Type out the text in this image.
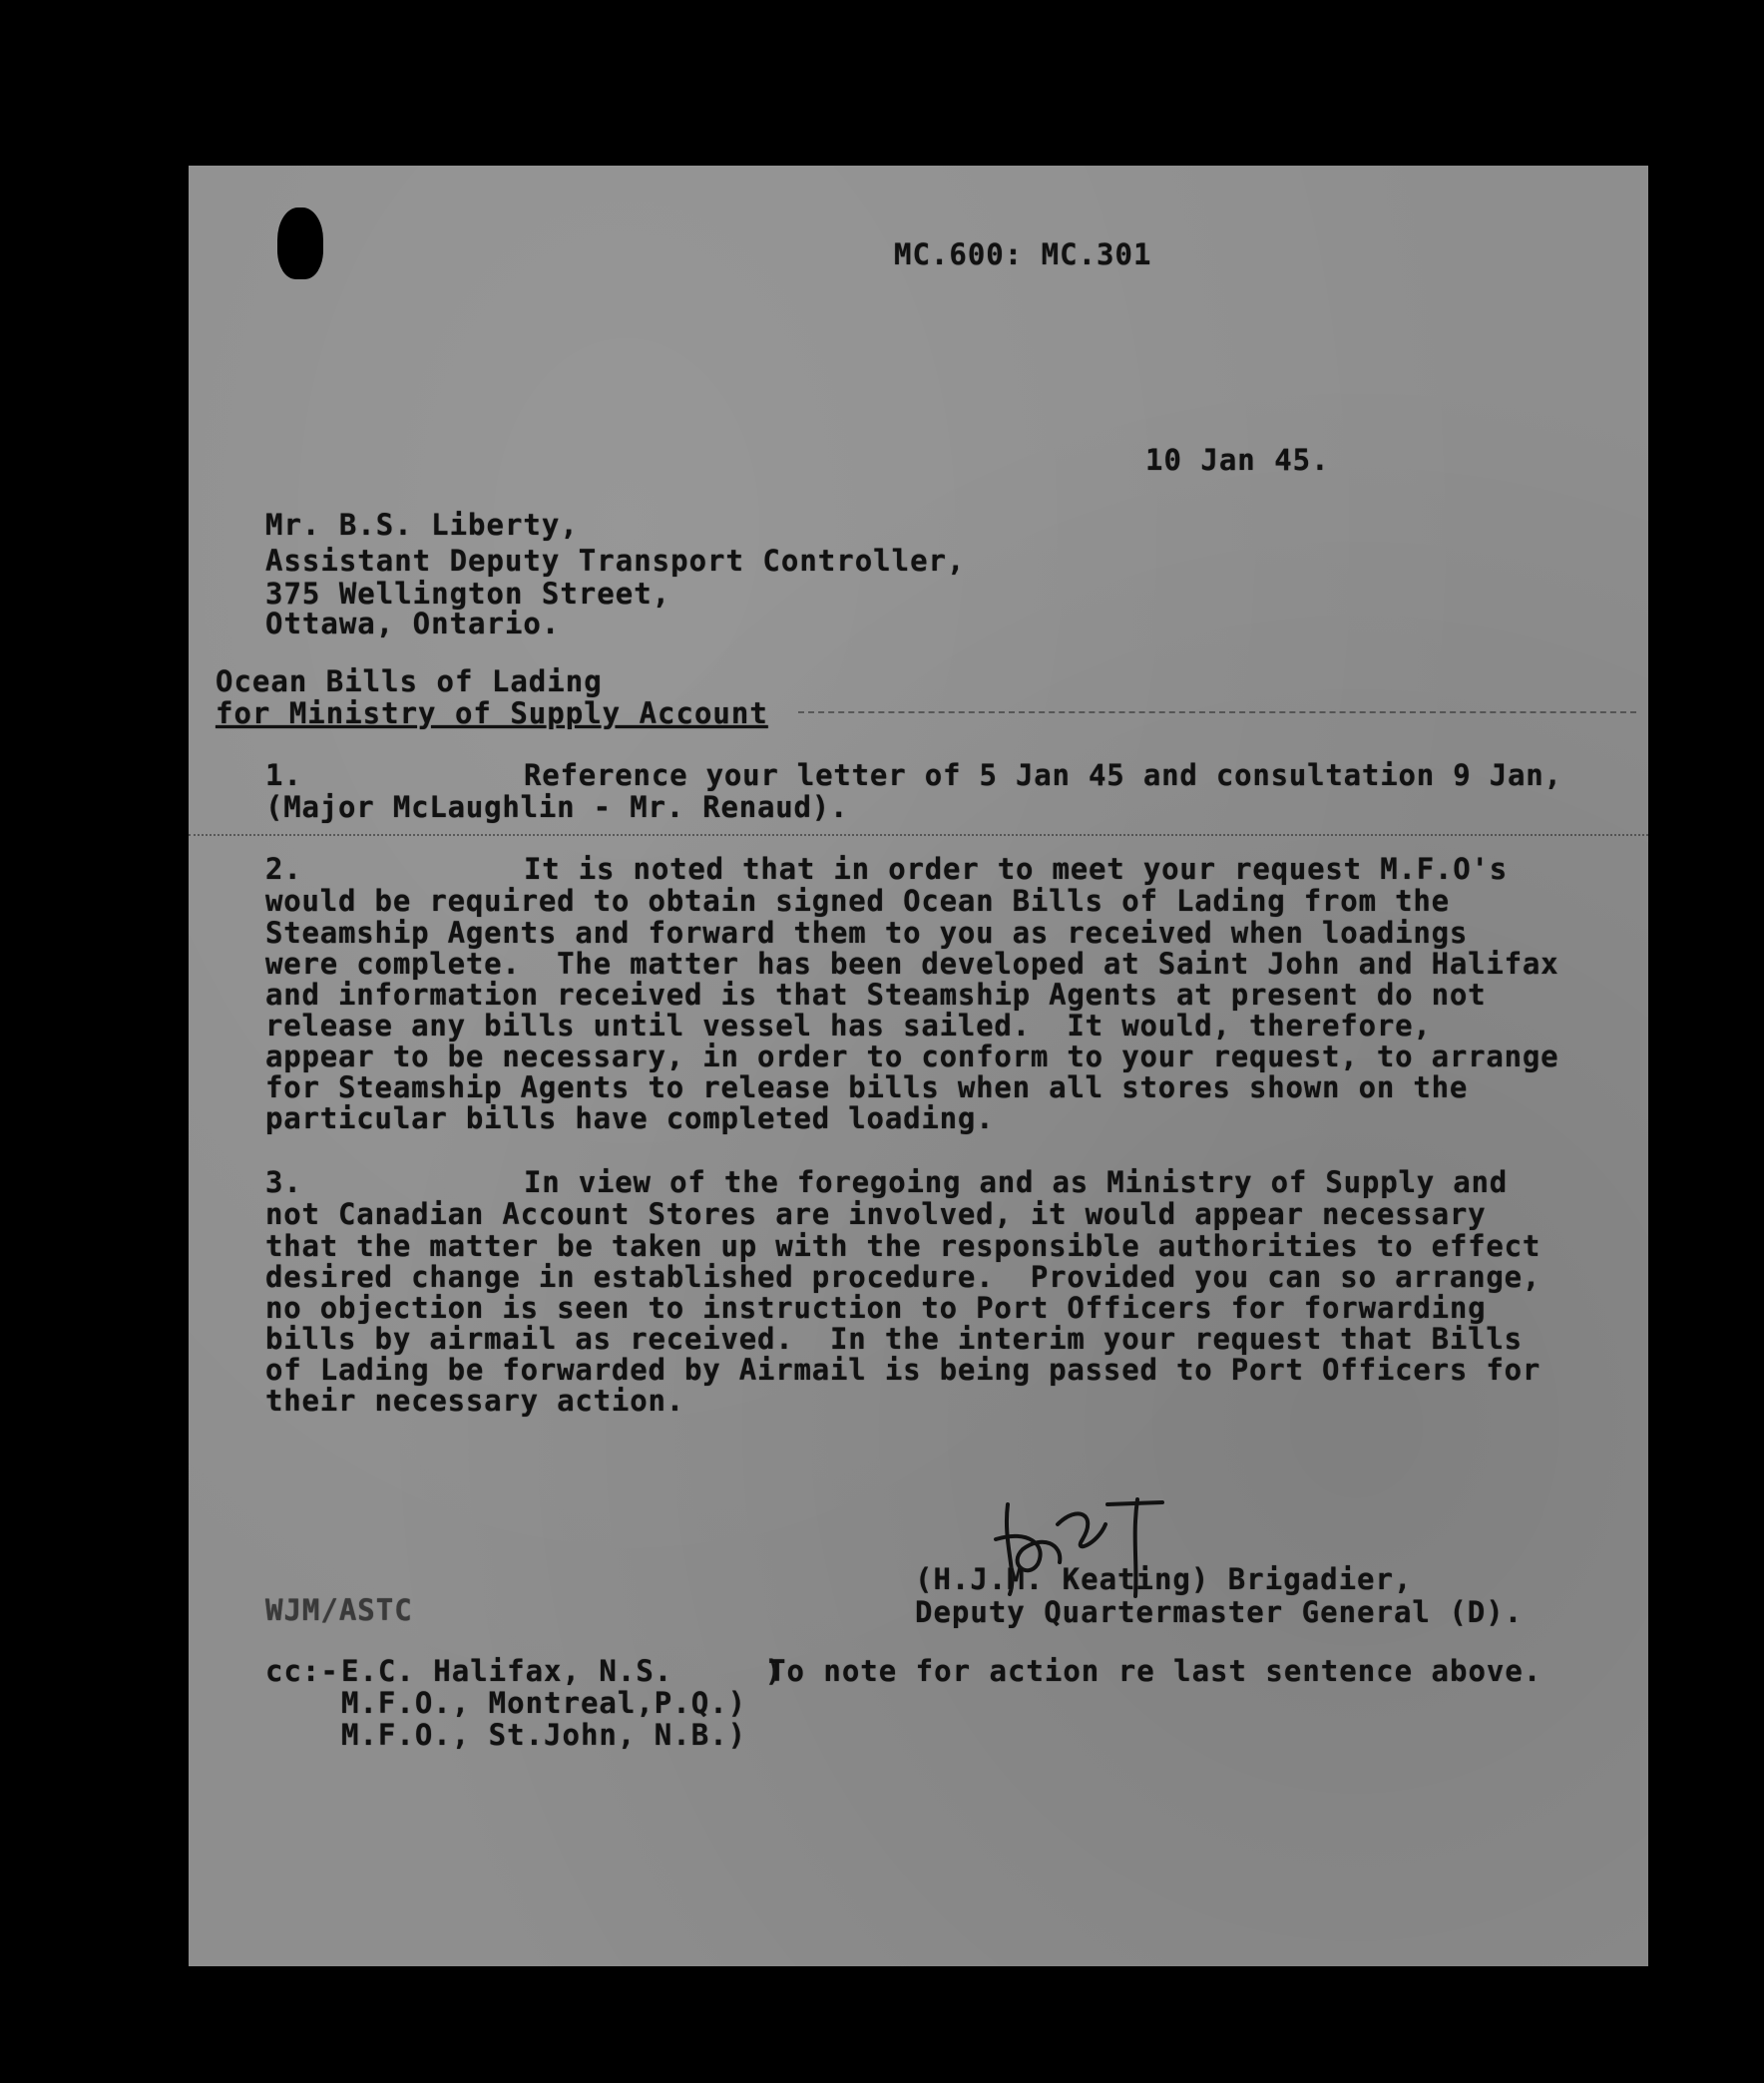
MC.600: MC.301
10 Jan 45.
Mr. B.S. Liberty,
Assistant Deputy Transport Controller,
375 Wellington Street,
Ottawa, Ontario.
Ocean Bills of Lading
for Ministry of Supply Account
1.	Reference your letter of 5 Jan 45 and consultation 9 Jan,
(Major McLaughlin - Mr. Renaud).
2.	It is noted that in order to meet your request M.F.O's
would be required to obtain signed Ocean Bills of Lading from the
Steamship Agents and forward them to you as received when loadings
were complete.  The matter has been developed at Saint John and Halifax
and information received is that Steamship Agents at present do not
release any bills until vessel has sailed.  It would, therefore,
appear to be necessary, in order to conform to your request, to arrange
for Steamship Agents to release bills when all stores shown on the
particular bills have completed loading.
3.	In view of the foregoing and as Ministry of Supply and
not Canadian Account Stores are involved, it would appear necessary
that the matter be taken up with the responsible authorities to effect
desired change in established procedure.  Provided you can so arrange,
no objection is seen to instruction to Port Officers for forwarding
bills by airmail as received.  In the interim your request that Bills
of Lading be forwarded by Airmail is being passed to Port Officers for
their necessary action.
(H.J.M. Keating) Brigadier,
Deputy Quartermaster General (D).
WJM/ASTC
cc:- E.C. Halifax, N.S.     )
M.F.O., Montreal,P.Q.)
M.F.O., St.John, N.B.)
To note for action re last sentence above.
